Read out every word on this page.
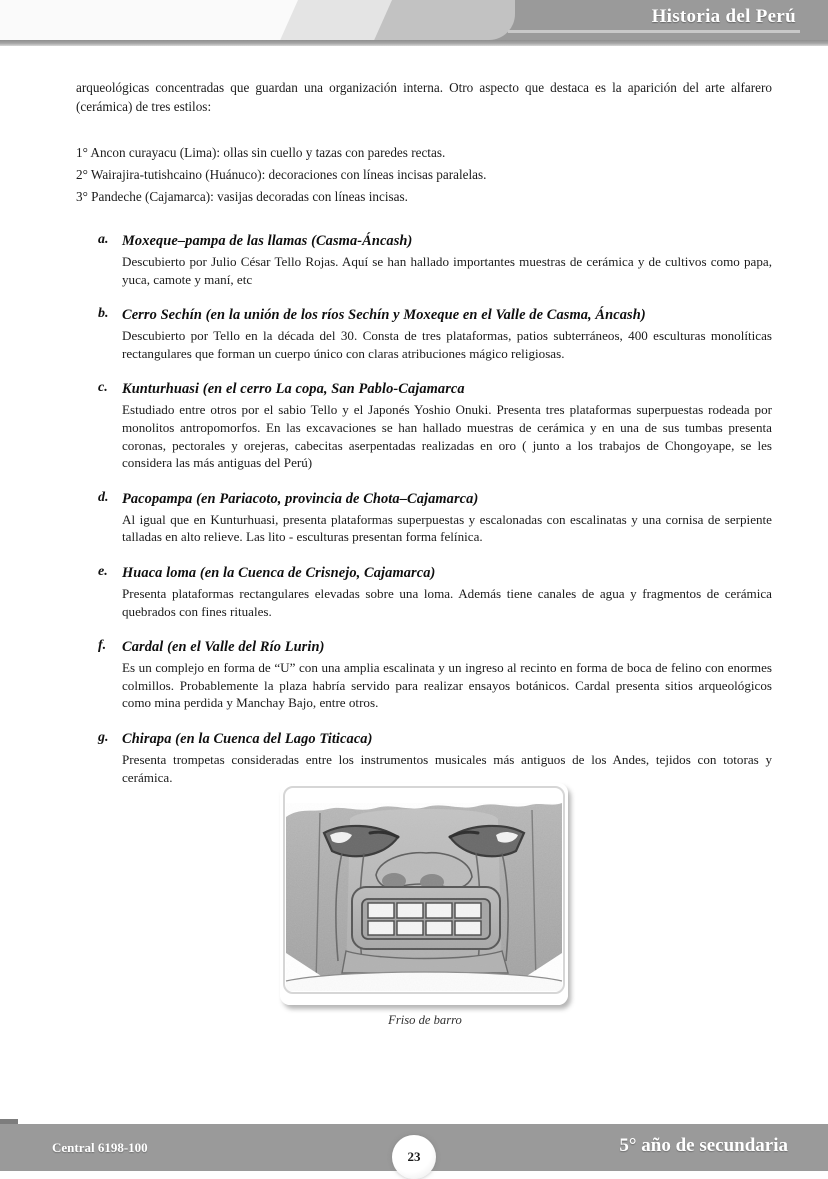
Historia del Perú

arqueológicas concentradas que guardan una organización interna. Otro aspecto que destaca es la aparición del arte alfarero (cerámica) de tres estilos:

1° Ancon curayacu (Lima): ollas sin cuello y tazas con paredes rectas.

2° Wairajira-tutishcaino (Huánuco): decoraciones con líneas incisas paralelas.

3° Pandeche (Cajamarca): vasijas decoradas con líneas incisas.

a. Moxeque–pampa de las llamas (Casma-Áncash)
Descubierto por Julio César Tello Rojas. Aquí se han hallado importantes muestras de cerámica y de cultivos como papa, yuca, camote y maní, etc
b. Cerro Sechín (en la unión de los ríos Sechín y Moxeque en el Valle de Casma, Áncash)
Descubierto por Tello en la década del 30. Consta de tres plataformas, patios subterráneos, 400 esculturas monolíticas rectangulares que forman un cuerpo único con claras atribuciones mágico religiosas.
c. Kunturhuasi (en el cerro La copa, San Pablo-Cajamarca
Estudiado entre otros por el sabio Tello y el Japonés Yoshio Onuki. Presenta tres plataformas superpuestas rodeada por monolitos antropomorfos. En las excavaciones se han hallado muestras de cerámica y en una de sus tumbas presenta coronas, pectorales y orejeras, cabecitas aserpentadas realizadas en oro ( junto a los trabajos de Chongoyape, se les considera las más antiguas del Perú)
d. Pacopampa (en Pariacoto, provincia de Chota–Cajamarca)
Al igual que en Kunturhuasi, presenta plataformas superpuestas y escalonadas con escalinatas y una cornisa de serpiente talladas en alto relieve. Las lito - esculturas presentan forma felínica.
e. Huaca loma (en la Cuenca de Crisnejo, Cajamarca)
Presenta plataformas rectangulares elevadas sobre una loma. Además tiene canales de agua y fragmentos de cerámica quebrados con fines rituales.
f. Cardal (en el Valle del Río Lurin)
Es un complejo en forma de “U” con una amplia escalinata y un ingreso al recinto en forma de boca de felino con enormes colmillos. Probablemente la plaza habría servido para realizar ensayos botánicos. Cardal presenta sitios arqueológicos como mina perdida y Manchay Bajo, entre otros.
g. Chirapa (en la Cuenca del Lago Titicaca)
Presenta trompetas consideradas entre los instrumentos musicales más antiguos de los Andes, tejidos con totoras y cerámica.
Friso de barro
Central 6198-100
23
5° año de secundaria
